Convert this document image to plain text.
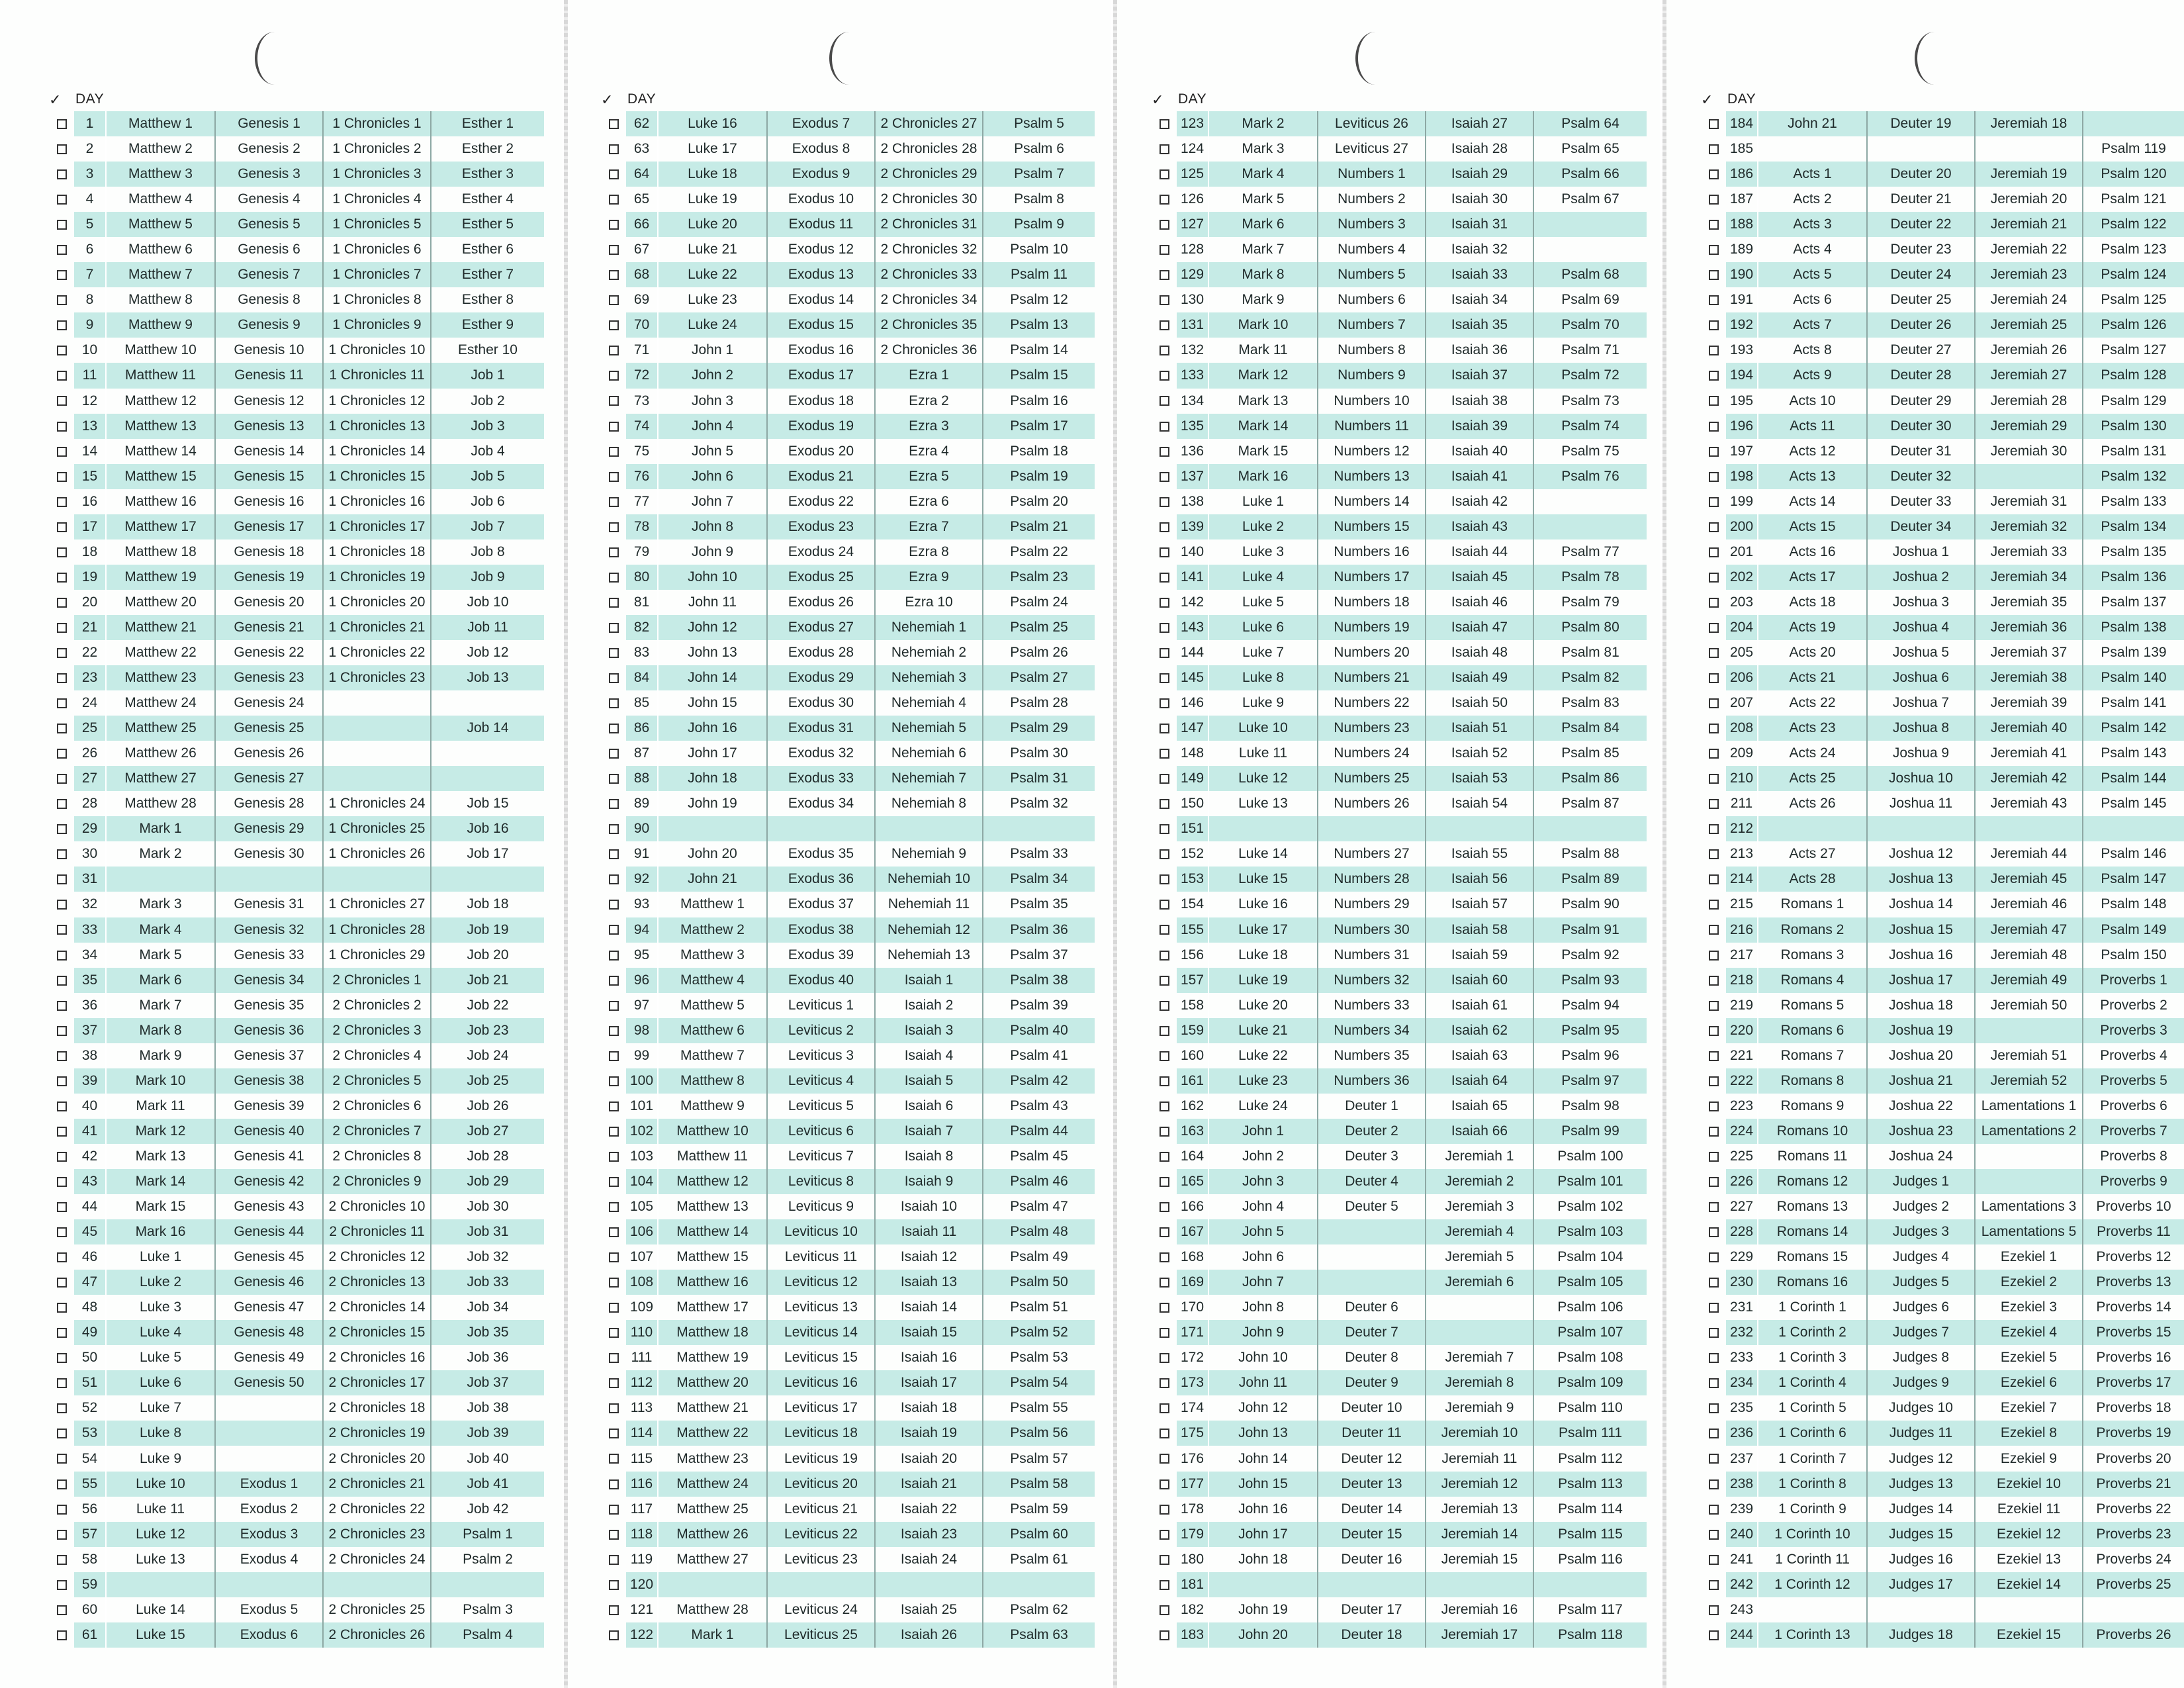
✓ DAY
	1	Matthew 1	Genesis 1	1 Chronicles 1	Esther 1
	2	Matthew 2	Genesis 2	1 Chronicles 2	Esther 2
	3	Matthew 3	Genesis 3	1 Chronicles 3	Esther 3
	4	Matthew 4	Genesis 4	1 Chronicles 4	Esther 4
	5	Matthew 5	Genesis 5	1 Chronicles 5	Esther 5
	6	Matthew 6	Genesis 6	1 Chronicles 6	Esther 6
	7	Matthew 7	Genesis 7	1 Chronicles 7	Esther 7
	8	Matthew 8	Genesis 8	1 Chronicles 8	Esther 8
	9	Matthew 9	Genesis 9	1 Chronicles 9	Esther 9
	10	Matthew 10	Genesis 10	1 Chronicles 10	Esther 10
	11	Matthew 11	Genesis 11	1 Chronicles 11	Job 1
	12	Matthew 12	Genesis 12	1 Chronicles 12	Job 2
	13	Matthew 13	Genesis 13	1 Chronicles 13	Job 3
	14	Matthew 14	Genesis 14	1 Chronicles 14	Job 4
	15	Matthew 15	Genesis 15	1 Chronicles 15	Job 5
	16	Matthew 16	Genesis 16	1 Chronicles 16	Job 6
	17	Matthew 17	Genesis 17	1 Chronicles 17	Job 7
	18	Matthew 18	Genesis 18	1 Chronicles 18	Job 8
	19	Matthew 19	Genesis 19	1 Chronicles 19	Job 9
	20	Matthew 20	Genesis 20	1 Chronicles 20	Job 10
	21	Matthew 21	Genesis 21	1 Chronicles 21	Job 11
	22	Matthew 22	Genesis 22	1 Chronicles 22	Job 12
	23	Matthew 23	Genesis 23	1 Chronicles 23	Job 13
	24	Matthew 24	Genesis 24		
	25	Matthew 25	Genesis 25		Job 14
	26	Matthew 26	Genesis 26		
	27	Matthew 27	Genesis 27		
	28	Matthew 28	Genesis 28	1 Chronicles 24	Job 15
	29	Mark 1	Genesis 29	1 Chronicles 25	Job 16
	30	Mark 2	Genesis 30	1 Chronicles 26	Job 17
	31				
	32	Mark 3	Genesis 31	1 Chronicles 27	Job 18
	33	Mark 4	Genesis 32	1 Chronicles 28	Job 19
	34	Mark 5	Genesis 33	1 Chronicles 29	Job 20
	35	Mark 6	Genesis 34	2 Chronicles 1	Job 21
	36	Mark 7	Genesis 35	2 Chronicles 2	Job 22
	37	Mark 8	Genesis 36	2 Chronicles 3	Job 23
	38	Mark 9	Genesis 37	2 Chronicles 4	Job 24
	39	Mark 10	Genesis 38	2 Chronicles 5	Job 25
	40	Mark 11	Genesis 39	2 Chronicles 6	Job 26
	41	Mark 12	Genesis 40	2 Chronicles 7	Job 27
	42	Mark 13	Genesis 41	2 Chronicles 8	Job 28
	43	Mark 14	Genesis 42	2 Chronicles 9	Job 29
	44	Mark 15	Genesis 43	2 Chronicles 10	Job 30
	45	Mark 16	Genesis 44	2 Chronicles 11	Job 31
	46	Luke 1	Genesis 45	2 Chronicles 12	Job 32
	47	Luke 2	Genesis 46	2 Chronicles 13	Job 33
	48	Luke 3	Genesis 47	2 Chronicles 14	Job 34
	49	Luke 4	Genesis 48	2 Chronicles 15	Job 35
	50	Luke 5	Genesis 49	2 Chronicles 16	Job 36
	51	Luke 6	Genesis 50	2 Chronicles 17	Job 37
	52	Luke 7		2 Chronicles 18	Job 38
	53	Luke 8		2 Chronicles 19	Job 39
	54	Luke 9		2 Chronicles 20	Job 40
	55	Luke 10	Exodus 1	2 Chronicles 21	Job 41
	56	Luke 11	Exodus 2	2 Chronicles 22	Job 42
	57	Luke 12	Exodus 3	2 Chronicles 23	Psalm 1
	58	Luke 13	Exodus 4	2 Chronicles 24	Psalm 2
	59				
	60	Luke 14	Exodus 5	2 Chronicles 25	Psalm 3
	61	Luke 15	Exodus 6	2 Chronicles 26	Psalm 4
✓ DAY
	62	Luke 16	Exodus 7	2 Chronicles 27	Psalm 5
	63	Luke 17	Exodus 8	2 Chronicles 28	Psalm 6
	64	Luke 18	Exodus 9	2 Chronicles 29	Psalm 7
	65	Luke 19	Exodus 10	2 Chronicles 30	Psalm 8
	66	Luke 20	Exodus 11	2 Chronicles 31	Psalm 9
	67	Luke 21	Exodus 12	2 Chronicles 32	Psalm 10
	68	Luke 22	Exodus 13	2 Chronicles 33	Psalm 11
	69	Luke 23	Exodus 14	2 Chronicles 34	Psalm 12
	70	Luke 24	Exodus 15	2 Chronicles 35	Psalm 13
	71	John 1	Exodus 16	2 Chronicles 36	Psalm 14
	72	John 2	Exodus 17	Ezra 1	Psalm 15
	73	John 3	Exodus 18	Ezra 2	Psalm 16
	74	John 4	Exodus 19	Ezra 3	Psalm 17
	75	John 5	Exodus 20	Ezra 4	Psalm 18
	76	John 6	Exodus 21	Ezra 5	Psalm 19
	77	John 7	Exodus 22	Ezra 6	Psalm 20
	78	John 8	Exodus 23	Ezra 7	Psalm 21
	79	John 9	Exodus 24	Ezra 8	Psalm 22
	80	John 10	Exodus 25	Ezra 9	Psalm 23
	81	John 11	Exodus 26	Ezra 10	Psalm 24
	82	John 12	Exodus 27	Nehemiah 1	Psalm 25
	83	John 13	Exodus 28	Nehemiah 2	Psalm 26
	84	John 14	Exodus 29	Nehemiah 3	Psalm 27
	85	John 15	Exodus 30	Nehemiah 4	Psalm 28
	86	John 16	Exodus 31	Nehemiah 5	Psalm 29
	87	John 17	Exodus 32	Nehemiah 6	Psalm 30
	88	John 18	Exodus 33	Nehemiah 7	Psalm 31
	89	John 19	Exodus 34	Nehemiah 8	Psalm 32
	90				
	91	John 20	Exodus 35	Nehemiah 9	Psalm 33
	92	John 21	Exodus 36	Nehemiah 10	Psalm 34
	93	Matthew 1	Exodus 37	Nehemiah 11	Psalm 35
	94	Matthew 2	Exodus 38	Nehemiah 12	Psalm 36
	95	Matthew 3	Exodus 39	Nehemiah 13	Psalm 37
	96	Matthew 4	Exodus 40	Isaiah 1	Psalm 38
	97	Matthew 5	Leviticus 1	Isaiah 2	Psalm 39
	98	Matthew 6	Leviticus 2	Isaiah 3	Psalm 40
	99	Matthew 7	Leviticus 3	Isaiah 4	Psalm 41
	100	Matthew 8	Leviticus 4	Isaiah 5	Psalm 42
	101	Matthew 9	Leviticus 5	Isaiah 6	Psalm 43
	102	Matthew 10	Leviticus 6	Isaiah 7	Psalm 44
	103	Matthew 11	Leviticus 7	Isaiah 8	Psalm 45
	104	Matthew 12	Leviticus 8	Isaiah 9	Psalm 46
	105	Matthew 13	Leviticus 9	Isaiah 10	Psalm 47
	106	Matthew 14	Leviticus 10	Isaiah 11	Psalm 48
	107	Matthew 15	Leviticus 11	Isaiah 12	Psalm 49
	108	Matthew 16	Leviticus 12	Isaiah 13	Psalm 50
	109	Matthew 17	Leviticus 13	Isaiah 14	Psalm 51
	110	Matthew 18	Leviticus 14	Isaiah 15	Psalm 52
	111	Matthew 19	Leviticus 15	Isaiah 16	Psalm 53
	112	Matthew 20	Leviticus 16	Isaiah 17	Psalm 54
	113	Matthew 21	Leviticus 17	Isaiah 18	Psalm 55
	114	Matthew 22	Leviticus 18	Isaiah 19	Psalm 56
	115	Matthew 23	Leviticus 19	Isaiah 20	Psalm 57
	116	Matthew 24	Leviticus 20	Isaiah 21	Psalm 58
	117	Matthew 25	Leviticus 21	Isaiah 22	Psalm 59
	118	Matthew 26	Leviticus 22	Isaiah 23	Psalm 60
	119	Matthew 27	Leviticus 23	Isaiah 24	Psalm 61
	120				
	121	Matthew 28	Leviticus 24	Isaiah 25	Psalm 62
	122	Mark 1	Leviticus 25	Isaiah 26	Psalm 63
✓ DAY
	123	Mark 2	Leviticus 26	Isaiah 27	Psalm 64
	124	Mark 3	Leviticus 27	Isaiah 28	Psalm 65
	125	Mark 4	Numbers 1	Isaiah 29	Psalm 66
	126	Mark 5	Numbers 2	Isaiah 30	Psalm 67
	127	Mark 6	Numbers 3	Isaiah 31	
	128	Mark 7	Numbers 4	Isaiah 32	
	129	Mark 8	Numbers 5	Isaiah 33	Psalm 68
	130	Mark 9	Numbers 6	Isaiah 34	Psalm 69
	131	Mark 10	Numbers 7	Isaiah 35	Psalm 70
	132	Mark 11	Numbers 8	Isaiah 36	Psalm 71
	133	Mark 12	Numbers 9	Isaiah 37	Psalm 72
	134	Mark 13	Numbers 10	Isaiah 38	Psalm 73
	135	Mark 14	Numbers 11	Isaiah 39	Psalm 74
	136	Mark 15	Numbers 12	Isaiah 40	Psalm 75
	137	Mark 16	Numbers 13	Isaiah 41	Psalm 76
	138	Luke 1	Numbers 14	Isaiah 42	
	139	Luke 2	Numbers 15	Isaiah 43	
	140	Luke 3	Numbers 16	Isaiah 44	Psalm 77
	141	Luke 4	Numbers 17	Isaiah 45	Psalm 78
	142	Luke 5	Numbers 18	Isaiah 46	Psalm 79
	143	Luke 6	Numbers 19	Isaiah 47	Psalm 80
	144	Luke 7	Numbers 20	Isaiah 48	Psalm 81
	145	Luke 8	Numbers 21	Isaiah 49	Psalm 82
	146	Luke 9	Numbers 22	Isaiah 50	Psalm 83
	147	Luke 10	Numbers 23	Isaiah 51	Psalm 84
	148	Luke 11	Numbers 24	Isaiah 52	Psalm 85
	149	Luke 12	Numbers 25	Isaiah 53	Psalm 86
	150	Luke 13	Numbers 26	Isaiah 54	Psalm 87
	151				
	152	Luke 14	Numbers 27	Isaiah 55	Psalm 88
	153	Luke 15	Numbers 28	Isaiah 56	Psalm 89
	154	Luke 16	Numbers 29	Isaiah 57	Psalm 90
	155	Luke 17	Numbers 30	Isaiah 58	Psalm 91
	156	Luke 18	Numbers 31	Isaiah 59	Psalm 92
	157	Luke 19	Numbers 32	Isaiah 60	Psalm 93
	158	Luke 20	Numbers 33	Isaiah 61	Psalm 94
	159	Luke 21	Numbers 34	Isaiah 62	Psalm 95
	160	Luke 22	Numbers 35	Isaiah 63	Psalm 96
	161	Luke 23	Numbers 36	Isaiah 64	Psalm 97
	162	Luke 24	Deuter 1	Isaiah 65	Psalm 98
	163	John 1	Deuter 2	Isaiah 66	Psalm 99
	164	John 2	Deuter 3	Jeremiah 1	Psalm 100
	165	John 3	Deuter 4	Jeremiah 2	Psalm 101
	166	John 4	Deuter 5	Jeremiah 3	Psalm 102
	167	John 5		Jeremiah 4	Psalm 103
	168	John 6		Jeremiah 5	Psalm 104
	169	John 7		Jeremiah 6	Psalm 105
	170	John 8	Deuter 6		Psalm 106
	171	John 9	Deuter 7		Psalm 107
	172	John 10	Deuter 8	Jeremiah 7	Psalm 108
	173	John 11	Deuter 9	Jeremiah 8	Psalm 109
	174	John 12	Deuter 10	Jeremiah 9	Psalm 110
	175	John 13	Deuter 11	Jeremiah 10	Psalm 111
	176	John 14	Deuter 12	Jeremiah 11	Psalm 112
	177	John 15	Deuter 13	Jeremiah 12	Psalm 113
	178	John 16	Deuter 14	Jeremiah 13	Psalm 114
	179	John 17	Deuter 15	Jeremiah 14	Psalm 115
	180	John 18	Deuter 16	Jeremiah 15	Psalm 116
	181				
	182	John 19	Deuter 17	Jeremiah 16	Psalm 117
	183	John 20	Deuter 18	Jeremiah 17	Psalm 118
✓ DAY
	184	John 21	Deuter 19	Jeremiah 18	
	185				Psalm 119
	186	Acts 1	Deuter 20	Jeremiah 19	Psalm 120
	187	Acts 2	Deuter 21	Jeremiah 20	Psalm 121
	188	Acts 3	Deuter 22	Jeremiah 21	Psalm 122
	189	Acts 4	Deuter 23	Jeremiah 22	Psalm 123
	190	Acts 5	Deuter 24	Jeremiah 23	Psalm 124
	191	Acts 6	Deuter 25	Jeremiah 24	Psalm 125
	192	Acts 7	Deuter 26	Jeremiah 25	Psalm 126
	193	Acts 8	Deuter 27	Jeremiah 26	Psalm 127
	194	Acts 9	Deuter 28	Jeremiah 27	Psalm 128
	195	Acts 10	Deuter 29	Jeremiah 28	Psalm 129
	196	Acts 11	Deuter 30	Jeremiah 29	Psalm 130
	197	Acts 12	Deuter 31	Jeremiah 30	Psalm 131
	198	Acts 13	Deuter 32		Psalm 132
	199	Acts 14	Deuter 33	Jeremiah 31	Psalm 133
	200	Acts 15	Deuter 34	Jeremiah 32	Psalm 134
	201	Acts 16	Joshua 1	Jeremiah 33	Psalm 135
	202	Acts 17	Joshua 2	Jeremiah 34	Psalm 136
	203	Acts 18	Joshua 3	Jeremiah 35	Psalm 137
	204	Acts 19	Joshua 4	Jeremiah 36	Psalm 138
	205	Acts 20	Joshua 5	Jeremiah 37	Psalm 139
	206	Acts 21	Joshua 6	Jeremiah 38	Psalm 140
	207	Acts 22	Joshua 7	Jeremiah 39	Psalm 141
	208	Acts 23	Joshua 8	Jeremiah 40	Psalm 142
	209	Acts 24	Joshua 9	Jeremiah 41	Psalm 143
	210	Acts 25	Joshua 10	Jeremiah 42	Psalm 144
	211	Acts 26	Joshua 11	Jeremiah 43	Psalm 145
	212				
	213	Acts 27	Joshua 12	Jeremiah 44	Psalm 146
	214	Acts 28	Joshua 13	Jeremiah 45	Psalm 147
	215	Romans 1	Joshua 14	Jeremiah 46	Psalm 148
	216	Romans 2	Joshua 15	Jeremiah 47	Psalm 149
	217	Romans 3	Joshua 16	Jeremiah 48	Psalm 150
	218	Romans 4	Joshua 17	Jeremiah 49	Proverbs 1
	219	Romans 5	Joshua 18	Jeremiah 50	Proverbs 2
	220	Romans 6	Joshua 19		Proverbs 3
	221	Romans 7	Joshua 20	Jeremiah 51	Proverbs 4
	222	Romans 8	Joshua 21	Jeremiah 52	Proverbs 5
	223	Romans 9	Joshua 22	Lamentations 1	Proverbs 6
	224	Romans 10	Joshua 23	Lamentations 2	Proverbs 7
	225	Romans 11	Joshua 24		Proverbs 8
	226	Romans 12	Judges 1		Proverbs 9
	227	Romans 13	Judges 2	Lamentations 3	Proverbs 10
	228	Romans 14	Judges 3	Lamentations 5	Proverbs 11
	229	Romans 15	Judges 4	Ezekiel 1	Proverbs 12
	230	Romans 16	Judges 5	Ezekiel 2	Proverbs 13
	231	1 Corinth 1	Judges 6	Ezekiel 3	Proverbs 14
	232	1 Corinth 2	Judges 7	Ezekiel 4	Proverbs 15
	233	1 Corinth 3	Judges 8	Ezekiel 5	Proverbs 16
	234	1 Corinth 4	Judges 9	Ezekiel 6	Proverbs 17
	235	1 Corinth 5	Judges 10	Ezekiel 7	Proverbs 18
	236	1 Corinth 6	Judges 11	Ezekiel 8	Proverbs 19
	237	1 Corinth 7	Judges 12	Ezekiel 9	Proverbs 20
	238	1 Corinth 8	Judges 13	Ezekiel 10	Proverbs 21
	239	1 Corinth 9	Judges 14	Ezekiel 11	Proverbs 22
	240	1 Corinth 10	Judges 15	Ezekiel 12	Proverbs 23
	241	1 Corinth 11	Judges 16	Ezekiel 13	Proverbs 24
	242	1 Corinth 12	Judges 17	Ezekiel 14	Proverbs 25
	243				
	244	1 Corinth 13	Judges 18	Ezekiel 15	Proverbs 26
